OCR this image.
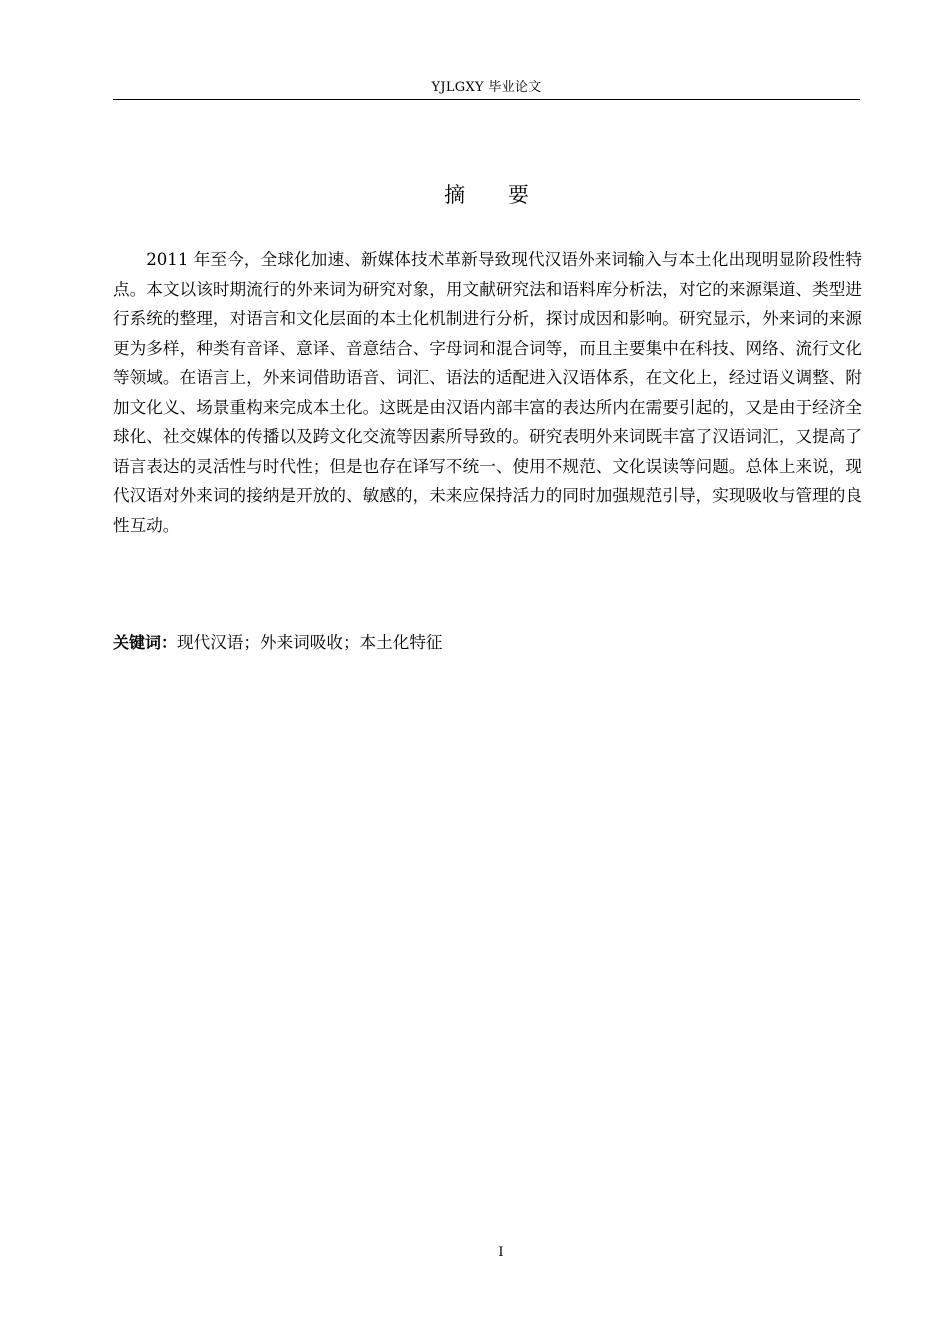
YJLGXY 毕业论文
摘 要

2011 年至今，全球化加速、新媒体技术革新导致现代汉语外来词输入与本土化出现明显阶段性特点。本文以该时期流行的外来词为研究对象，用文献研究法和语料库分析法，对它的来源渠道、类型进行系统的整理，对语言和文化层面的本土化机制进行分析，探讨成因和影响。研究显示，外来词的来源更为多样，种类有音译、意译、音意结合、字母词和混合词等，而且主要集中在科技、网络、流行文化等领域。在语言上，外来词借助语音、词汇、语法的适配进入汉语体系，在文化上，经过语义调整、附加文化义、场景重构来完成本土化。这既是由汉语内部丰富的表达所内在需要引起的，又是由于经济全球化、社交媒体的传播以及跨文化交流等因素所导致的。研究表明外来词既丰富了汉语词汇，又提高了语言表达的灵活性与时代性；但是也存在译写不统一、使用不规范、文化误读等问题。总体上来说，现代汉语对外来词的接纳是开放的、敏感的，未来应保持活力的同时加强规范引导，实现吸收与管理的良性互动。

关键词：现代汉语；外来词吸收；本土化特征

I
